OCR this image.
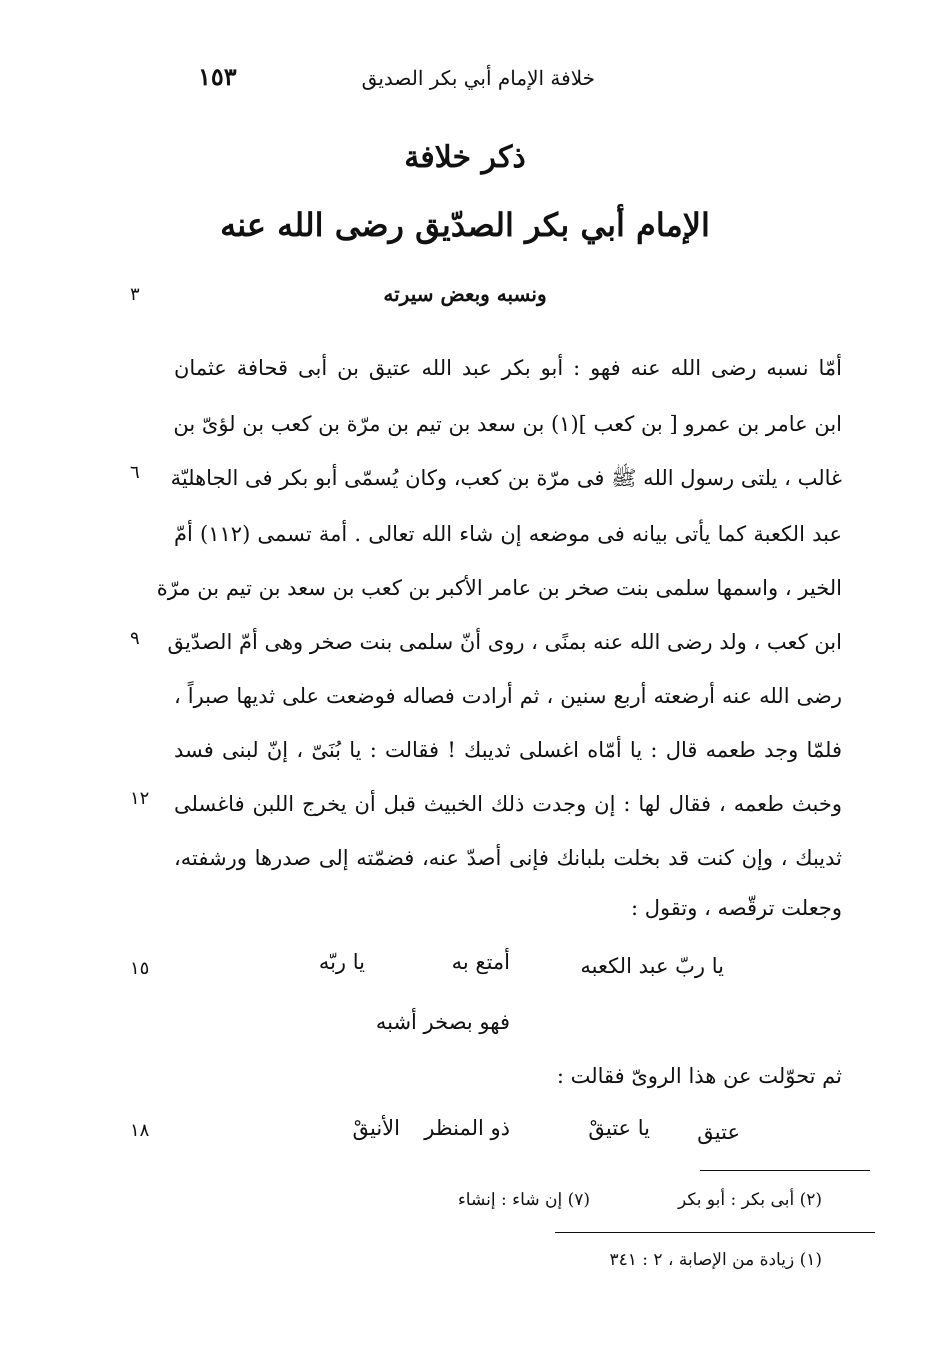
خلافة الإمام أبي بكر الصديق
١٥٣
ذكر خلافة
الإمام أبي بكر الصدّيق رضى الله عنه
ونسبه وبعض سيرته
٣
٦
٩
١٢
١٥
١٨
أمّا نسبه رضى الله عنه فهو : أبو بكر عبد الله عتيق بن أبى قحافة عثمان
ابن عامر بن عمرو [ بن كعب ](١) بن سعد بن تيم بن مرّة بن كعب بن لؤىّ بن
غالب ، يلتى رسول الله ﷺ فى مرّة بن كعب، وكان يُسمّى أبو بكر فى الجاهليّة
عبد الكعبة كما يأتى بيانه فى موضعه إن شاء الله تعالى . أمة تسمى (١١٢) أمّ
الخير ، واسمها سلمى بنت صخر بن عامر الأكبر بن كعب بن سعد بن تيم بن مرّة
ابن كعب ، ولد رضى الله عنه بمنًى ، روى أنّ سلمى بنت صخر وهى أمّ الصدّيق
رضى الله عنه أرضعته أربع سنين ، ثم أرادت فصاله فوضعت على ثديها صبراً ،
فلمّا وجد طعمه قال : يا أمّاه اغسلى ثديبك ! فقالت : يا بُنَىّ ، إنّ لبنى فسد
وخبث طعمه ، فقال لها : إن وجدت ذلك الخبيث قبل أن يخرج اللبن فاغسلى
ثديبك ، وإن كنت قد بخلت بلبانك فإنى أصدّ عنه، فضمّته إلى صدرها ورشفته،
وجعلت ترقّصه ، وتقول :
يا ربّ عبد الكعبه
أمتع به
يا ربّه
فهو بصخر أشبه
ثم تحوّلت عن هذا الروىّ فقالت :
عتيق
يا عتيقْ
ذو المنظر
الأنيقْ
(٢) أبى بكر : أبو بكر
(٧) إن شاء : إنشاء
(١) زيادة من الإصابة ، ٢ : ٣٤١
